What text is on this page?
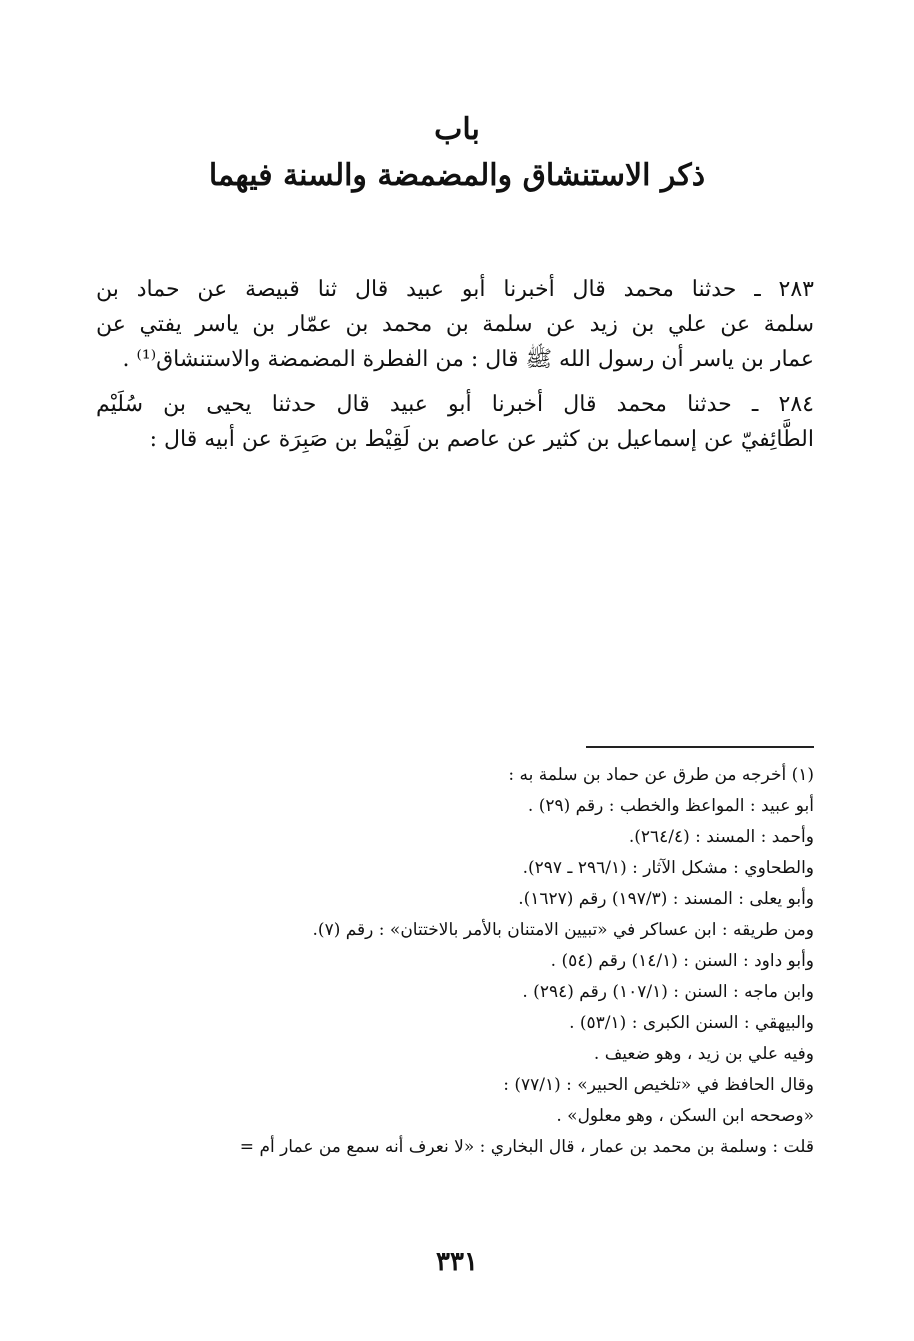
باب
ذكر الاستنشاق والمضمضة والسنة فيهما
٢٨٣ ـ حدثنا محمد قال أخبرنا أبو عبيد قال ثنا قبيصة عن حماد بن
سلمة عن علي بن زيد عن سلمة بن محمد بن عمّار بن ياسر يفتي عن
عمار بن ياسر أن رسول الله ﷺ قال : من الفطرة المضمضة والاستنشاق⁽¹⁾ .
٢٨٤ ـ حدثنا محمد قال أخبرنا أبو عبيد قال حدثنا يحيى بن سُلَيْم
الطَّائِفيّ عن إسماعيل بن كثير عن عاصم بن لَقِيْط بن صَبِرَة عن أبيه قال :
(١) أخرجه من طرق عن حماد بن سلمة به :
أبو عبيد : المواعظ والخطب : رقم (٢٩) .
وأحمد : المسند : (٢٦٤/٤).
والطحاوي : مشكل الآثار : (٢٩٦/١ ـ ٢٩٧).
وأبو يعلى : المسند : (١٩٧/٣) رقم (١٦٢٧).
ومن طريقه : ابن عساكر في «تبيين الامتنان بالأمر بالاختتان» : رقم (٧).
وأبو داود : السنن : (١٤/١) رقم (٥٤) .
وابن ماجه : السنن : (١٠٧/١) رقم (٢٩٤) .
والبيهقي : السنن الكبرى : (٥٣/١) .
وفيه علي بن زيد ، وهو ضعيف .
وقال الحافظ في «تلخيص الحبير» : (٧٧/١) :
«وصححه ابن السكن ، وهو معلول» .
قلت : وسلمة بن محمد بن عمار ، قال البخاري : «لا نعرف أنه سمع من عمار أم =
٣٣١
